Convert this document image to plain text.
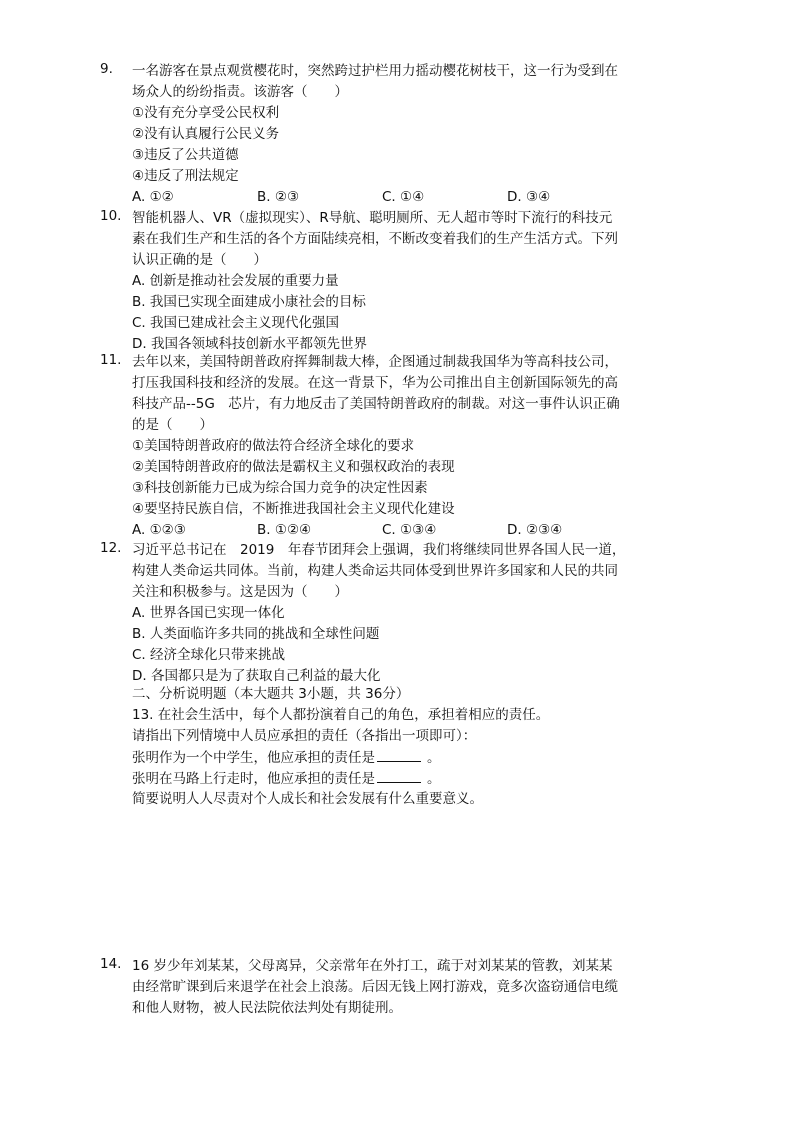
9.	一名游客在景点观赏樱花时，突然跨过护栏用力摇动樱花树枝干，这一行为受到在
场众人的纷纷指责。该游客（　　）
①没有充分享受公民权利
②没有认真履行公民义务
③违反了公共道德
④违反了刑法规定
A. ①②	B. ②③	C. ①④	D. ③④
10. 智能机器人、VR（虚拟现实）、R导航、聪明厕所、无人超市等时下流行的科技元
素在我们生产和生活的各个方面陆续亮相，不断改变着我们的生产生活方式。下列
认识正确的是（　　）
A. 创新是推动社会发展的重要力量
B. 我国已实现全面建成小康社会的目标
C. 我国已建成社会主义现代化强国
D. 我国各领域科技创新水平都领先世界
11. 去年以来，美国特朗普政府挥舞制裁大棒，企图通过制裁我国华为等高科技公司，
打压我国科技和经济的发展。在这一背景下，华为公司推出自主创新国际领先的高
科技产品--5G　芯片，有力地反击了美国特朗普政府的制裁。对这一事件认识正确
的是（　　）
①美国特朗普政府的做法符合经济全球化的要求
②美国特朗普政府的做法是霸权主义和强权政治的表现
③科技创新能力已成为综合国力竞争的决定性因素
④要坚持民族自信，不断推进我国社会主义现代化建设
A. ①②③	B. ①②④	C. ①③④	D. ②③④
12. 习近平总书记在　2019　年春节团拜会上强调，我们将继续同世界各国人民一道，
构建人类命运共同体。当前，构建人类命运共同体受到世界许多国家和人民的共同
关注和积极参与。这是因为（　　）
A. 世界各国已实现一体化
B. 人类面临许多共同的挑战和全球性问题
C. 经济全球化只带来挑战
D. 各国都只是为了获取自己利益的最大化
二、分析说明题（本大题共 3小题，共 36分）
13. 在社会生活中，每个人都扮演着自己的角色，承担着相应的责任。
请指出下列情境中人员应承担的责任（各指出一项即可）：
张明作为一个中学生，他应承担的责任是	。
张明在马路上行走时，他应承担的责任是	。
简要说明人人尽责对个人成长和社会发展有什么重要意义。
14. 16 岁少年刘某某，父母离异，父亲常年在外打工，疏于对刘某某的管教，刘某某
由经常旷课到后来退学在社会上浪荡。后因无钱上网打游戏，竟多次盗窃通信电缆
和他人财物，被人民法院依法判处有期徒刑。
